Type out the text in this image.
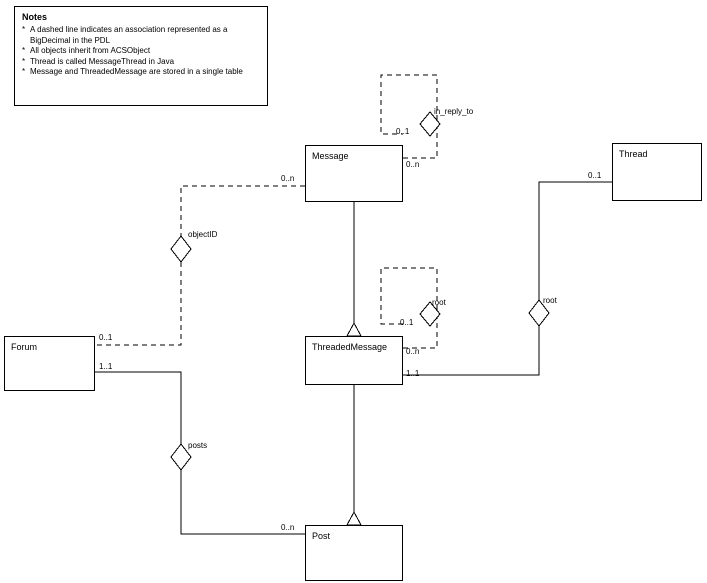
Notes
* A dashed line indicates an association represented as a BigDecimal in the PDL
* All objects inherit from ACSObject
* Thread is called MessageThread in Java
* Message and ThreadedMessage are stored in a single table
Message	Thread
Forum	ThreadedMessage
Post
in_reply_to
objectID
root	root
posts
0..1
0..n
0..n	0..1
0..1
1..1
0..1
0..n
1..1
0..n
